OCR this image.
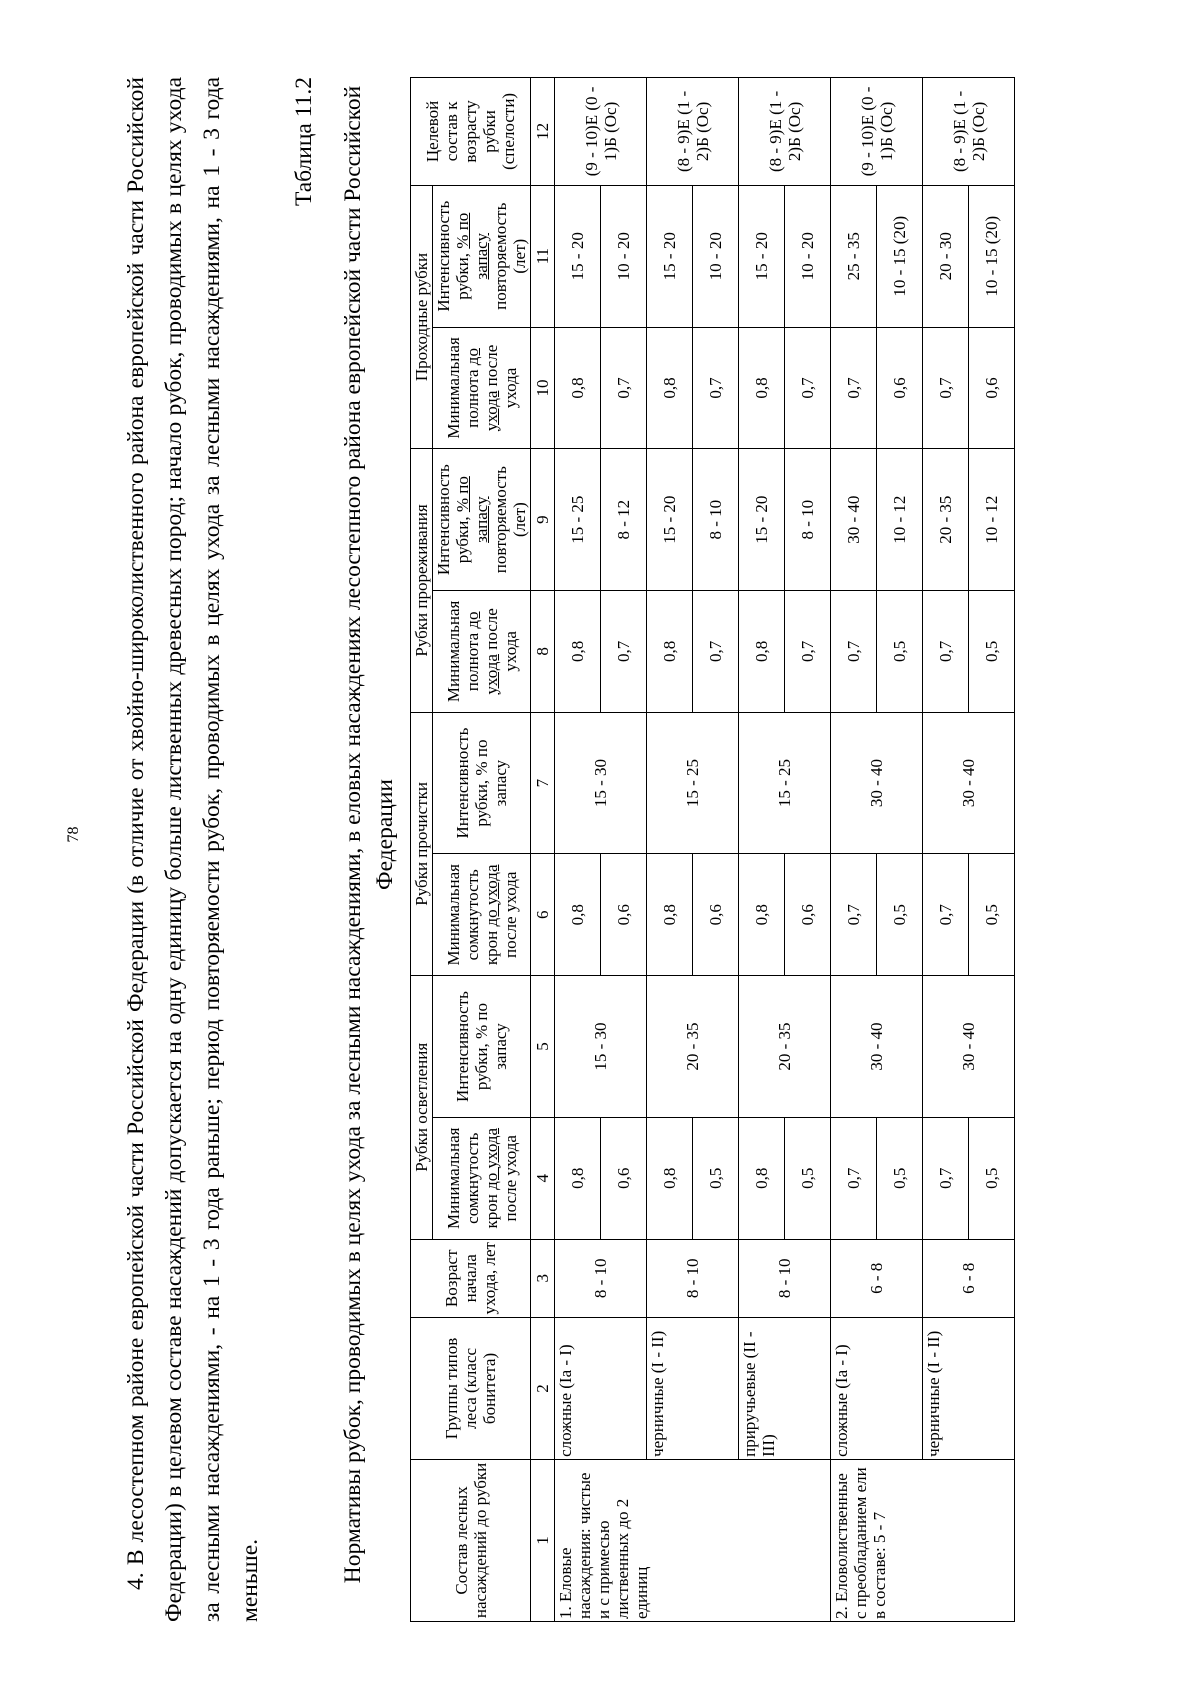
78 4. В лесостепном районе европейской части Российской Федерации (в отличие от хвойно-широколиственного района европейской части Российской Федерации) в целевом составе насаждений допускается на одну единицу больше лиственных древесных пород; начало рубок, проводимых в целях ухода за лесными насаждениями, - на 1 - 3 года раньше; период повторяемости рубок, проводимых в целях ухода за лесными насаждениями, на 1 - 3 года меньше.

Таблица 11.2 Нормативы рубок, проводимых в целях ухода за лесными насаждениями, в еловых насаждениях лесостепного района европейской части Российской Федерации
Состав лесных насаждений до рубки	Группы типов леса (класс бонитета)	Возраст начала ухода, лет	Рубки осветления		Рубки прочистки		Рубки прореживания		Проходные рубки		Целевой состав к возрасту рубки (спелости)
			Минимальная сомкнутость крон до ухода после ухода	Интенсивность рубки, % по запасу	Минимальная сомкнутость крон до ухода после ухода	Интенсивность рубки, % по запасу	Минимальная полнота до ухода после ухода	Интенсивность рубки, % по запасу повторяемость (лет)	Минимальная полнота до ухода после ухода	Интенсивность рубки, % по запасу повторяемость (лет)	
1	2	3	4	5	6	7	8	9	10	11	12
1. Еловые насаждения: чистые и с примесью лиственных до 2 единиц	сложные (Iа - I)	8 - 10	0,8	15 - 30	0,8	15 - 30	0,8	15 - 25	0,8	15 - 20	(9 - 10)Е (0 - 1)Б (Ос)
			0,6		0,6		0,7	8 - 12	0,7	10 - 20	
	черничные (I - II)	8 - 10	0,8	20 - 35	0,8	15 - 25	0,8	15 - 20	0,8	15 - 20	(8 - 9)Е (1 - 2)Б (Ос)
			0,5		0,6		0,7	8 - 10	0,7	10 - 20	
	приручьевые (II - III)	8 - 10	0,8	20 - 35	0,8	15 - 25	0,8	15 - 20	0,8	15 - 20	(8 - 9)Е (1 - 2)Б (Ос)
			0,5		0,6		0,7	8 - 10	0,7	10 - 20	
2. Еловолиственные с преобладанием ели в составе: 5 - 7	сложные (Iа - I)	6 - 8	0,7	30 - 40	0,7	30 - 40	0,7	30 - 40	0,7	25 - 35	(9 - 10)Е (0 - 1)Б (Ос)
			0,5		0,5		0,5	10 - 12	0,6	10 - 15 (20)	
	черничные (I - II)	6 - 8	0,7	30 - 40	0,7	30 - 40	0,7	20 - 35	0,7	20 - 30	(8 - 9)Е (1 - 2)Б (Ос)
			0,5		0,5		0,5	10 - 12	0,6	10 - 15 (20)	
